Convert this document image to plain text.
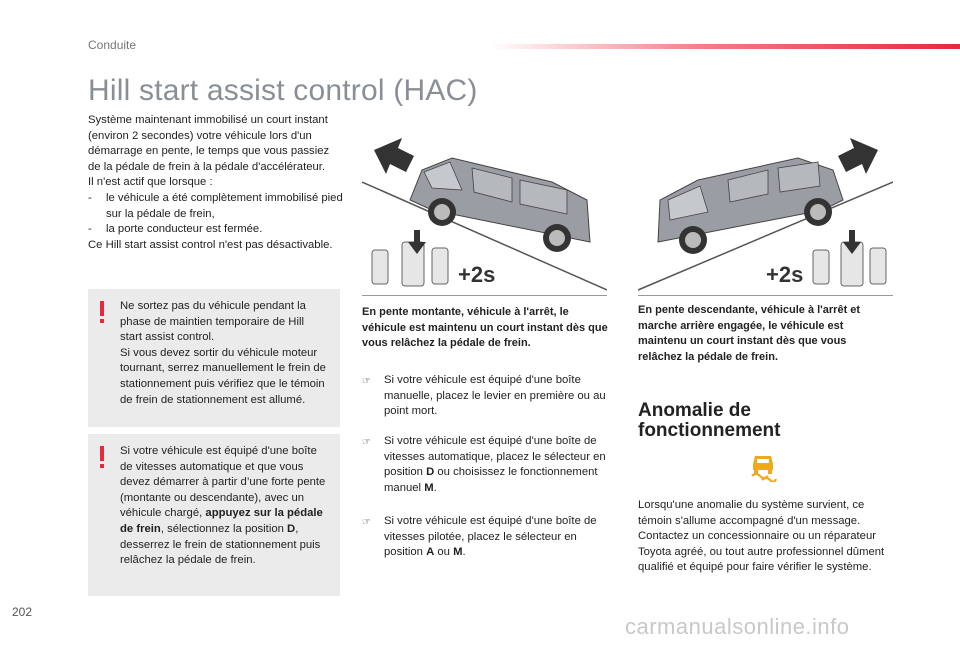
Conduite
Hill start assist control (HAC)
Système maintenant immobilisé un court instant (environ 2 secondes) votre véhicule lors d'un démarrage en pente, le temps que vous passiez de la pédale de frein à la pédale d'accélérateur.
Il n'est actif que lorsque :
-	le véhicule a été complètement immobilisé pied sur la pédale de frein,
-	la porte conducteur est fermée.
Ce Hill start assist control n'est pas désactivable.
Ne sortez pas du véhicule pendant la phase de maintien temporaire de Hill start assist control.
Si vous devez sortir du véhicule moteur tournant, serrez manuellement le frein de stationnement puis vérifiez que le témoin de frein de stationnement est allumé.
Si votre véhicule est équipé d'une boîte de vitesses automatique et que vous devez démarrer à partir d’une forte pente (montante ou descendante), avec un véhicule chargé, appuyez sur la pédale de frein, sélectionnez la position D, desserrez le frein de stationnement puis relâchez la pédale de frein.
+2s	+2s
En pente montante, véhicule à l'arrêt, le véhicule est maintenu un court instant dès que vous relâchez la pédale de frein.
En pente descendante, véhicule à l'arrêt et marche arrière engagée, le véhicule est maintenu un court instant dès que vous relâchez la pédale de frein.
☞	Si votre véhicule est équipé d'une boîte manuelle, placez le levier en première ou au point mort.
☞	Si votre véhicule est équipé d'une boîte de vitesses automatique, placez le sélecteur en position D ou choisissez le fonctionnement manuel M.
☞	Si votre véhicule est équipé d'une boîte de vitesses pilotée, placez le sélecteur en position A ou M.
Anomalie de fonctionnement
Lorsqu'une anomalie du système survient, ce témoin s'allume accompagné d'un message. Contactez un concessionnaire ou un réparateur Toyota agréé, ou tout autre professionnel dûment qualifié et équipé pour faire vérifier le système.
202
carmanualsonline.info
